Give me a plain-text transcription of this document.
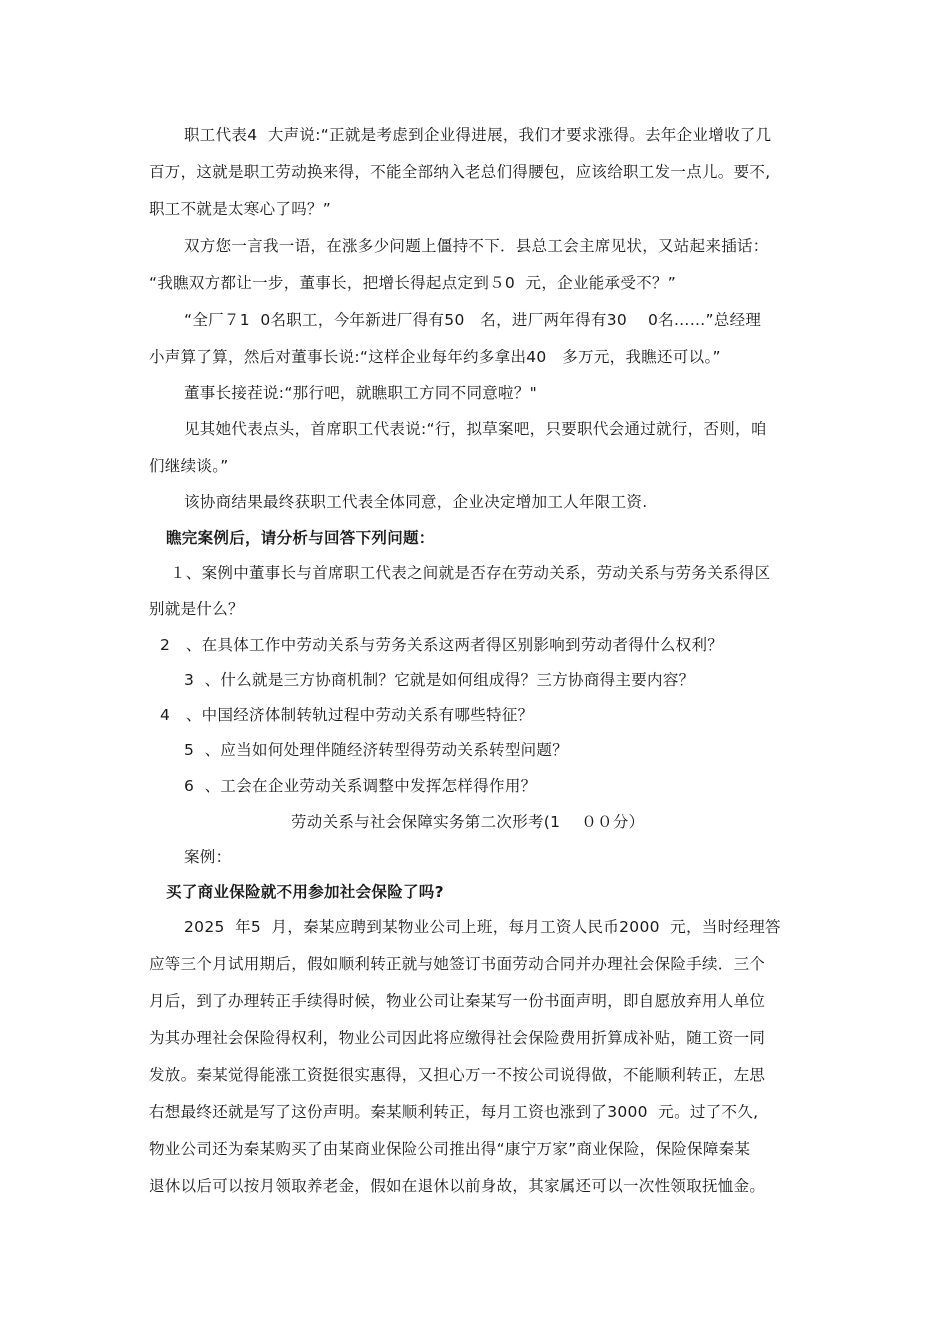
职工代表4  大声说:“正就是考虑到企业得进展，我们才要求涨得。去年企业增收了几
百万，这就是职工劳动换来得，不能全部纳入老总们得腰包，应该给职工发一点儿。要不,
职工不就是太寒心了吗？”
双方您一言我一语，在涨多少问题上僵持不下．县总工会主席见状，又站起来插话：
“我瞧双方都让一步，董事长，把增长得起点定到５0  元，企业能承受不？”
“全厂７1  0名职工，今年新进厂得有50   名，进厂两年得有30    0名……”总经理
小声算了算，然后对董事长说:“这样企业每年约多拿出40   多万元，我瞧还可以。”
董事长接茬说:“那行吧，就瞧职工方同不同意啦？"
见其她代表点头，首席职工代表说:“行，拟草案吧，只要职代会通过就行，否则，咱
们继续谈。”
该协商结果最终获职工代表全体同意，企业决定增加工人年限工资.
瞧完案例后，请分析与回答下列问题：
１、案例中董事长与首席职工代表之间就是否存在劳动关系，劳动关系与劳务关系得区
别就是什么？
2   、在具体工作中劳动关系与劳务关系这两者得区别影响到劳动者得什么权利？
3  、什么就是三方协商机制？它就是如何组成得？三方协商得主要内容？
4   、中国经济体制转轨过程中劳动关系有哪些特征？
5  、应当如何处理伴随经济转型得劳动关系转型问题？
6  、工会在企业劳动关系调整中发挥怎样得作用？
劳动关系与社会保障实务第二次形考(1    ００分）
案例：
买了商业保险就不用参加社会保险了吗?
2025  年5  月，秦某应聘到某物业公司上班，每月工资人民币2000  元，当时经理答
应等三个月试用期后，假如顺利转正就与她签订书面劳动合同并办理社会保险手续．三个
月后，到了办理转正手续得时候，物业公司让秦某写一份书面声明，即自愿放弃用人单位
为其办理社会保险得权利，物业公司因此将应缴得社会保险费用折算成补贴，随工资一同
发放。秦某觉得能涨工资挺很实惠得，又担心万一不按公司说得做，不能顺利转正，左思
右想最终还就是写了这份声明。秦某顺利转正，每月工资也涨到了3000  元。过了不久,
物业公司还为秦某购买了由某商业保险公司推出得“康宁万家”商业保险，保险保障秦某
退休以后可以按月领取养老金，假如在退休以前身故，其家属还可以一次性领取抚恤金。
